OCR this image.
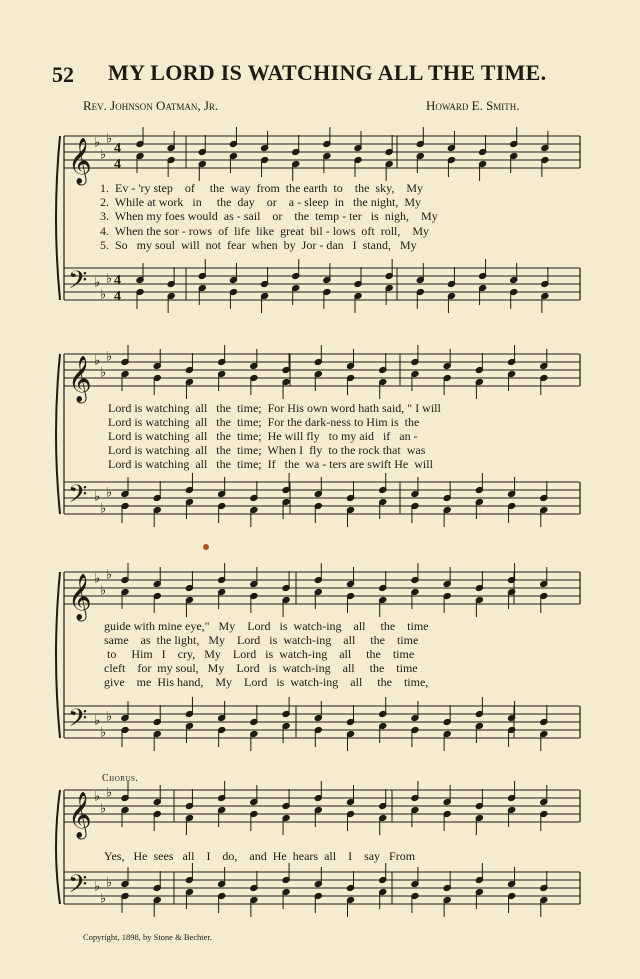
52 MY LORD IS WATCHING ALL THE TIME.
Rev. Johnson Oatman, Jr.	Howard E. Smith.
𝄞
𝄢
♭
♭
♭
♭
♭
♭
4
4
4
4
𝄞
𝄢
♭
♭
♭
♭
♭
♭
𝄞
𝄢
♭
♭
♭
♭
♭
♭
𝄞
𝄢
♭
♭
♭
♭
♭
♭
1.  Ev - 'ry step    of     the  way  from  the earth  to    the  sky,    My
2.  While at work   in     the  day    or    a - sleep  in   the night,  My
3.  When my foes would  as - sail    or    the  temp - ter   is  nigh,    My
4.  When the sor - rows  of  life  like  great  bil - lows  oft  roll,    My
5.  So   my soul  will  not  fear  when  by  Jor - dan   I  stand,   My
Lord is watching  all   the  time;  For His own word hath said, " I will
Lord is watching  all   the  time;  For the dark-ness to Him is  the
Lord is watching  all   the  time;  He will fly   to my aid   if   an -
Lord is watching  all   the  time;  When I  fly  to the rock that  was
Lord is watching  all   the  time;  If   the  wa - ters are swift He  will
guide with mine eye,"   My    Lord   is  watch-ing    all     the    time
same    as  the light,   My    Lord   is  watch-ing    all     the    time
to     Him   I    cry,   My    Lord   is  watch-ing    all     the    time
cleft    for  my soul,   My    Lord   is  watch-ing    all     the    time
give    me  His hand,    My    Lord   is  watch-ing    all     the    time,
Chorus.
Yes,   He  sees   all    I    do,    and  He  hears  all    I    say   From
Copyright, 1898, by Stone & Bechter.
